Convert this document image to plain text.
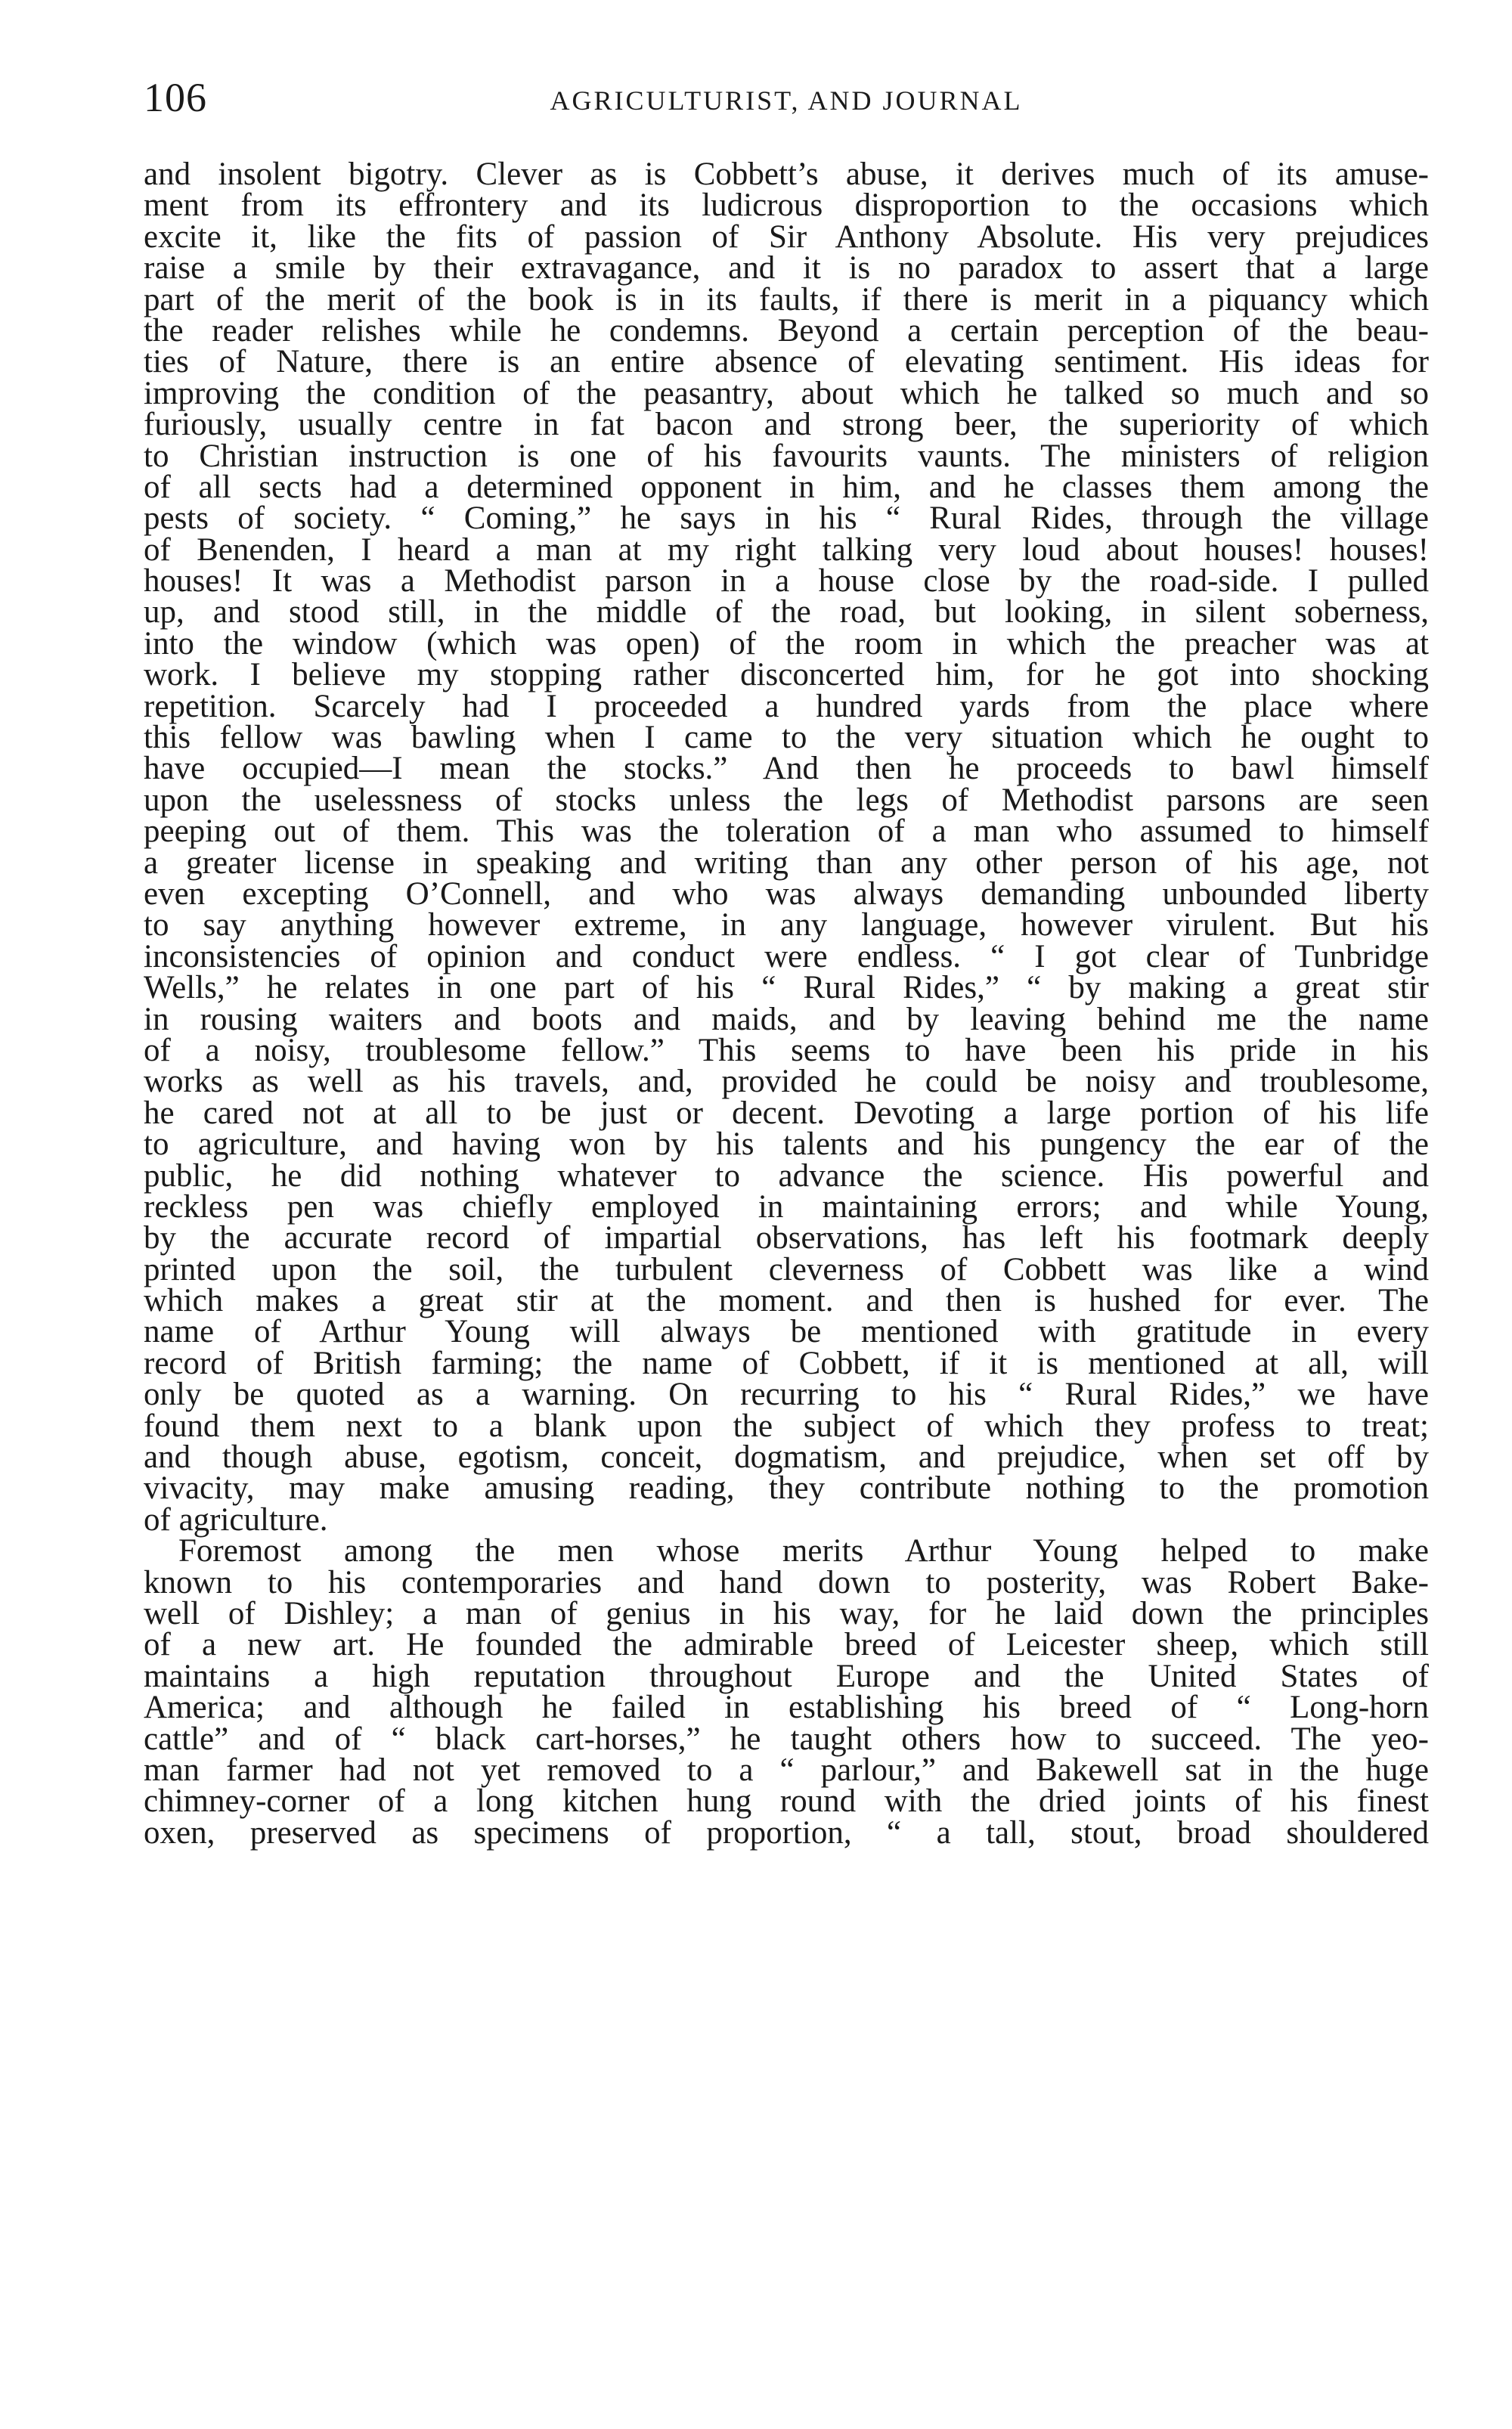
106	AGRICULTURIST, AND JOURNAL
and insolent bigotry. Clever as is Cobbett’s abuse, it derives much of its amuse-
ment from its effrontery and its ludicrous disproportion to the occasions which
excite it, like the fits of passion of Sir Anthony Absolute. His very prejudices
raise a smile by their extravagance, and it is no paradox to assert that a large
part of the merit of the book is in its faults, if there is merit in a piquancy which
the reader relishes while he condemns. Beyond a certain perception of the beau-
ties of Nature, there is an entire absence of elevating sentiment. His ideas for
improving the condition of the peasantry, about which he talked so much and so
furiously, usually centre in fat bacon and strong beer, the superiority of which
to Christian instruction is one of his favourits vaunts. The ministers of religion
of all sects had a determined opponent in him, and he classes them among the
pests of society. “ Coming,” he says in his “ Rural Rides, through the village
of Benenden, I heard a man at my right talking very loud about houses! houses!
houses! It was a Methodist parson in a house close by the road-side. I pulled
up, and stood still, in the middle of the road, but looking, in silent soberness,
into the window (which was open) of the room in which the preacher was at
work. I believe my stopping rather disconcerted him, for he got into shocking
repetition. Scarcely had I proceeded a hundred yards from the place where
this fellow was bawling when I came to the very situation which he ought to
have occupied—I mean the stocks.” And then he proceeds to bawl himself
upon the uselessness of stocks unless the legs of Methodist parsons are seen
peeping out of them. This was the toleration of a man who assumed to himself
a greater license in speaking and writing than any other person of his age, not
even excepting O’Connell, and who was always demanding unbounded liberty
to say anything however extreme, in any language, however virulent. But his
inconsistencies of opinion and conduct were endless. “ I got clear of Tunbridge
Wells,” he relates in one part of his “ Rural Rides,” “ by making a great stir
in rousing waiters and boots and maids, and by leaving behind me the name
of a noisy, troublesome fellow.” This seems to have been his pride in his
works as well as his travels, and, provided he could be noisy and troublesome,
he cared not at all to be just or decent. Devoting a large portion of his life
to agriculture, and having won by his talents and his pungency the ear of the
public, he did nothing whatever to advance the science. His powerful and
reckless pen was chiefly employed in maintaining errors; and while Young,
by the accurate record of impartial observations, has left his footmark deeply
printed upon the soil, the turbulent cleverness of Cobbett was like a wind
which makes a great stir at the moment. and then is hushed for ever. The
name of Arthur Young will always be mentioned with gratitude in every
record of British farming; the name of Cobbett, if it is mentioned at all, will
only be quoted as a warning. On recurring to his “ Rural Rides,” we have
found them next to a blank upon the subject of which they profess to treat;
and though abuse, egotism, conceit, dogmatism, and prejudice, when set off by
vivacity, may make amusing reading, they contribute nothing to the promotion
of agriculture.
Foremost among the men whose merits Arthur Young helped to make
known to his contemporaries and hand down to posterity, was Robert Bake-
well of Dishley; a man of genius in his way, for he laid down the principles
of a new art. He founded the admirable breed of Leicester sheep, which still
maintains a high reputation throughout Europe and the United States of
America; and although he failed in establishing his breed of “ Long-horn
cattle” and of “ black cart-horses,” he taught others how to succeed. The yeo-
man farmer had not yet removed to a “ parlour,” and Bakewell sat in the huge
chimney-corner of a long kitchen hung round with the dried joints of his finest
oxen, preserved as specimens of proportion, “ a tall, stout, broad shouldered
